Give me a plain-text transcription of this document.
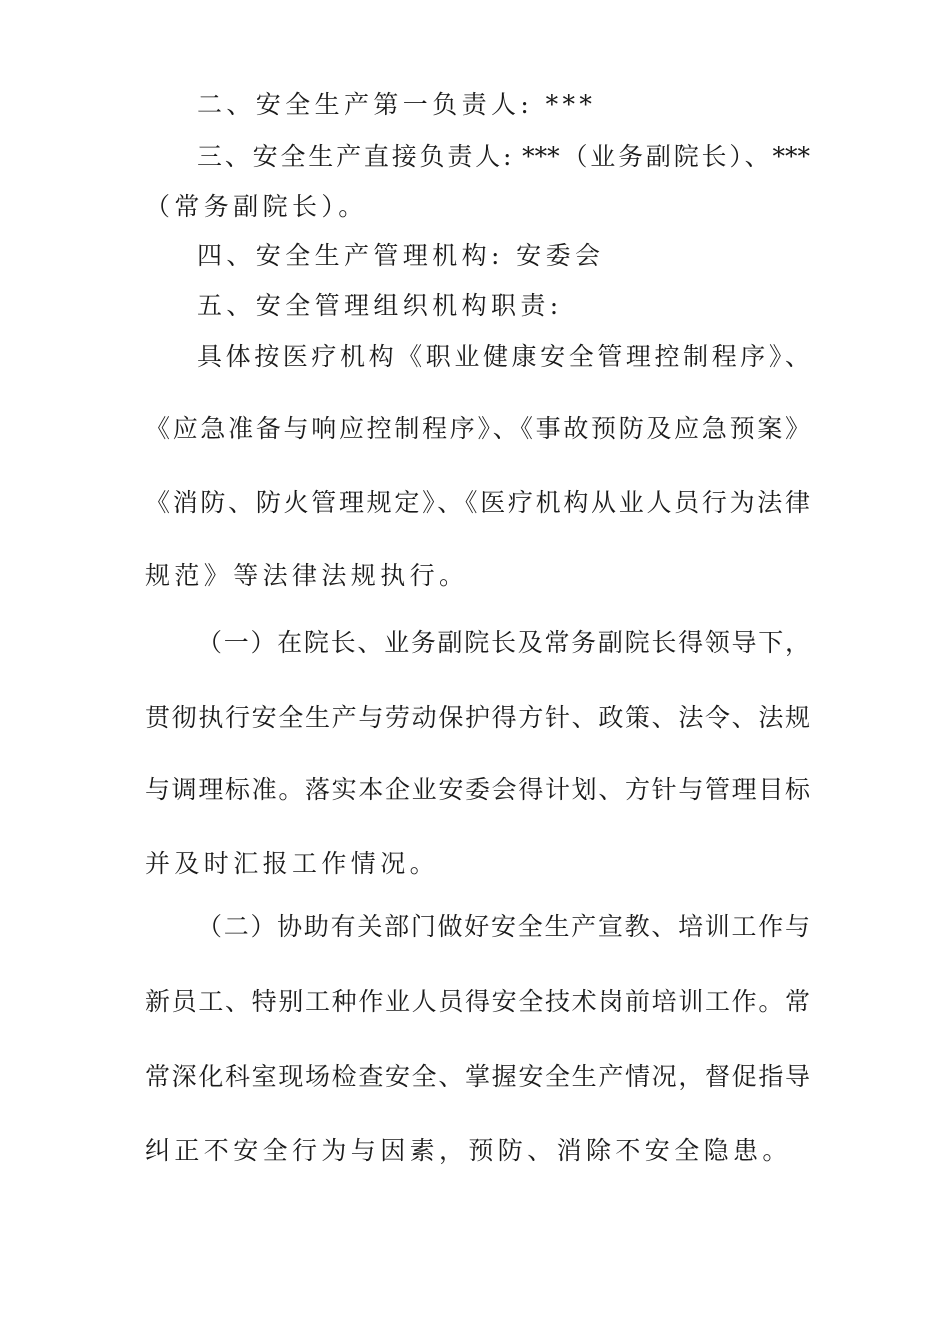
二、安全生产第一负责人: ***
三、安全生产直接负责人: ***（业务副院长）、***
（常务副院长）。
四、安全生产管理机构: 安委会
五、安全管理组织机构职责:
具体按医疗机构《职业健康安全管理控制程序》、
《应急准备与响应控制程序》、《事故预防及应急预案》
《消防、防火管理规定》、《医疗机构从业人员行为法律
规范》等法律法规执行。
（一）在院长、业务副院长及常务副院长得领导下，
贯彻执行安全生产与劳动保护得方针、政策、法令、法规
与调理标准。落实本企业安委会得计划、方针与管理目标
并及时汇报工作情况。
（二）协助有关部门做好安全生产宣教、培训工作与
新员工、特别工种作业人员得安全技术岗前培训工作。常
常深化科室现场检查安全、掌握安全生产情况，督促指导
纠正不安全行为与因素，预防、消除不安全隐患。
